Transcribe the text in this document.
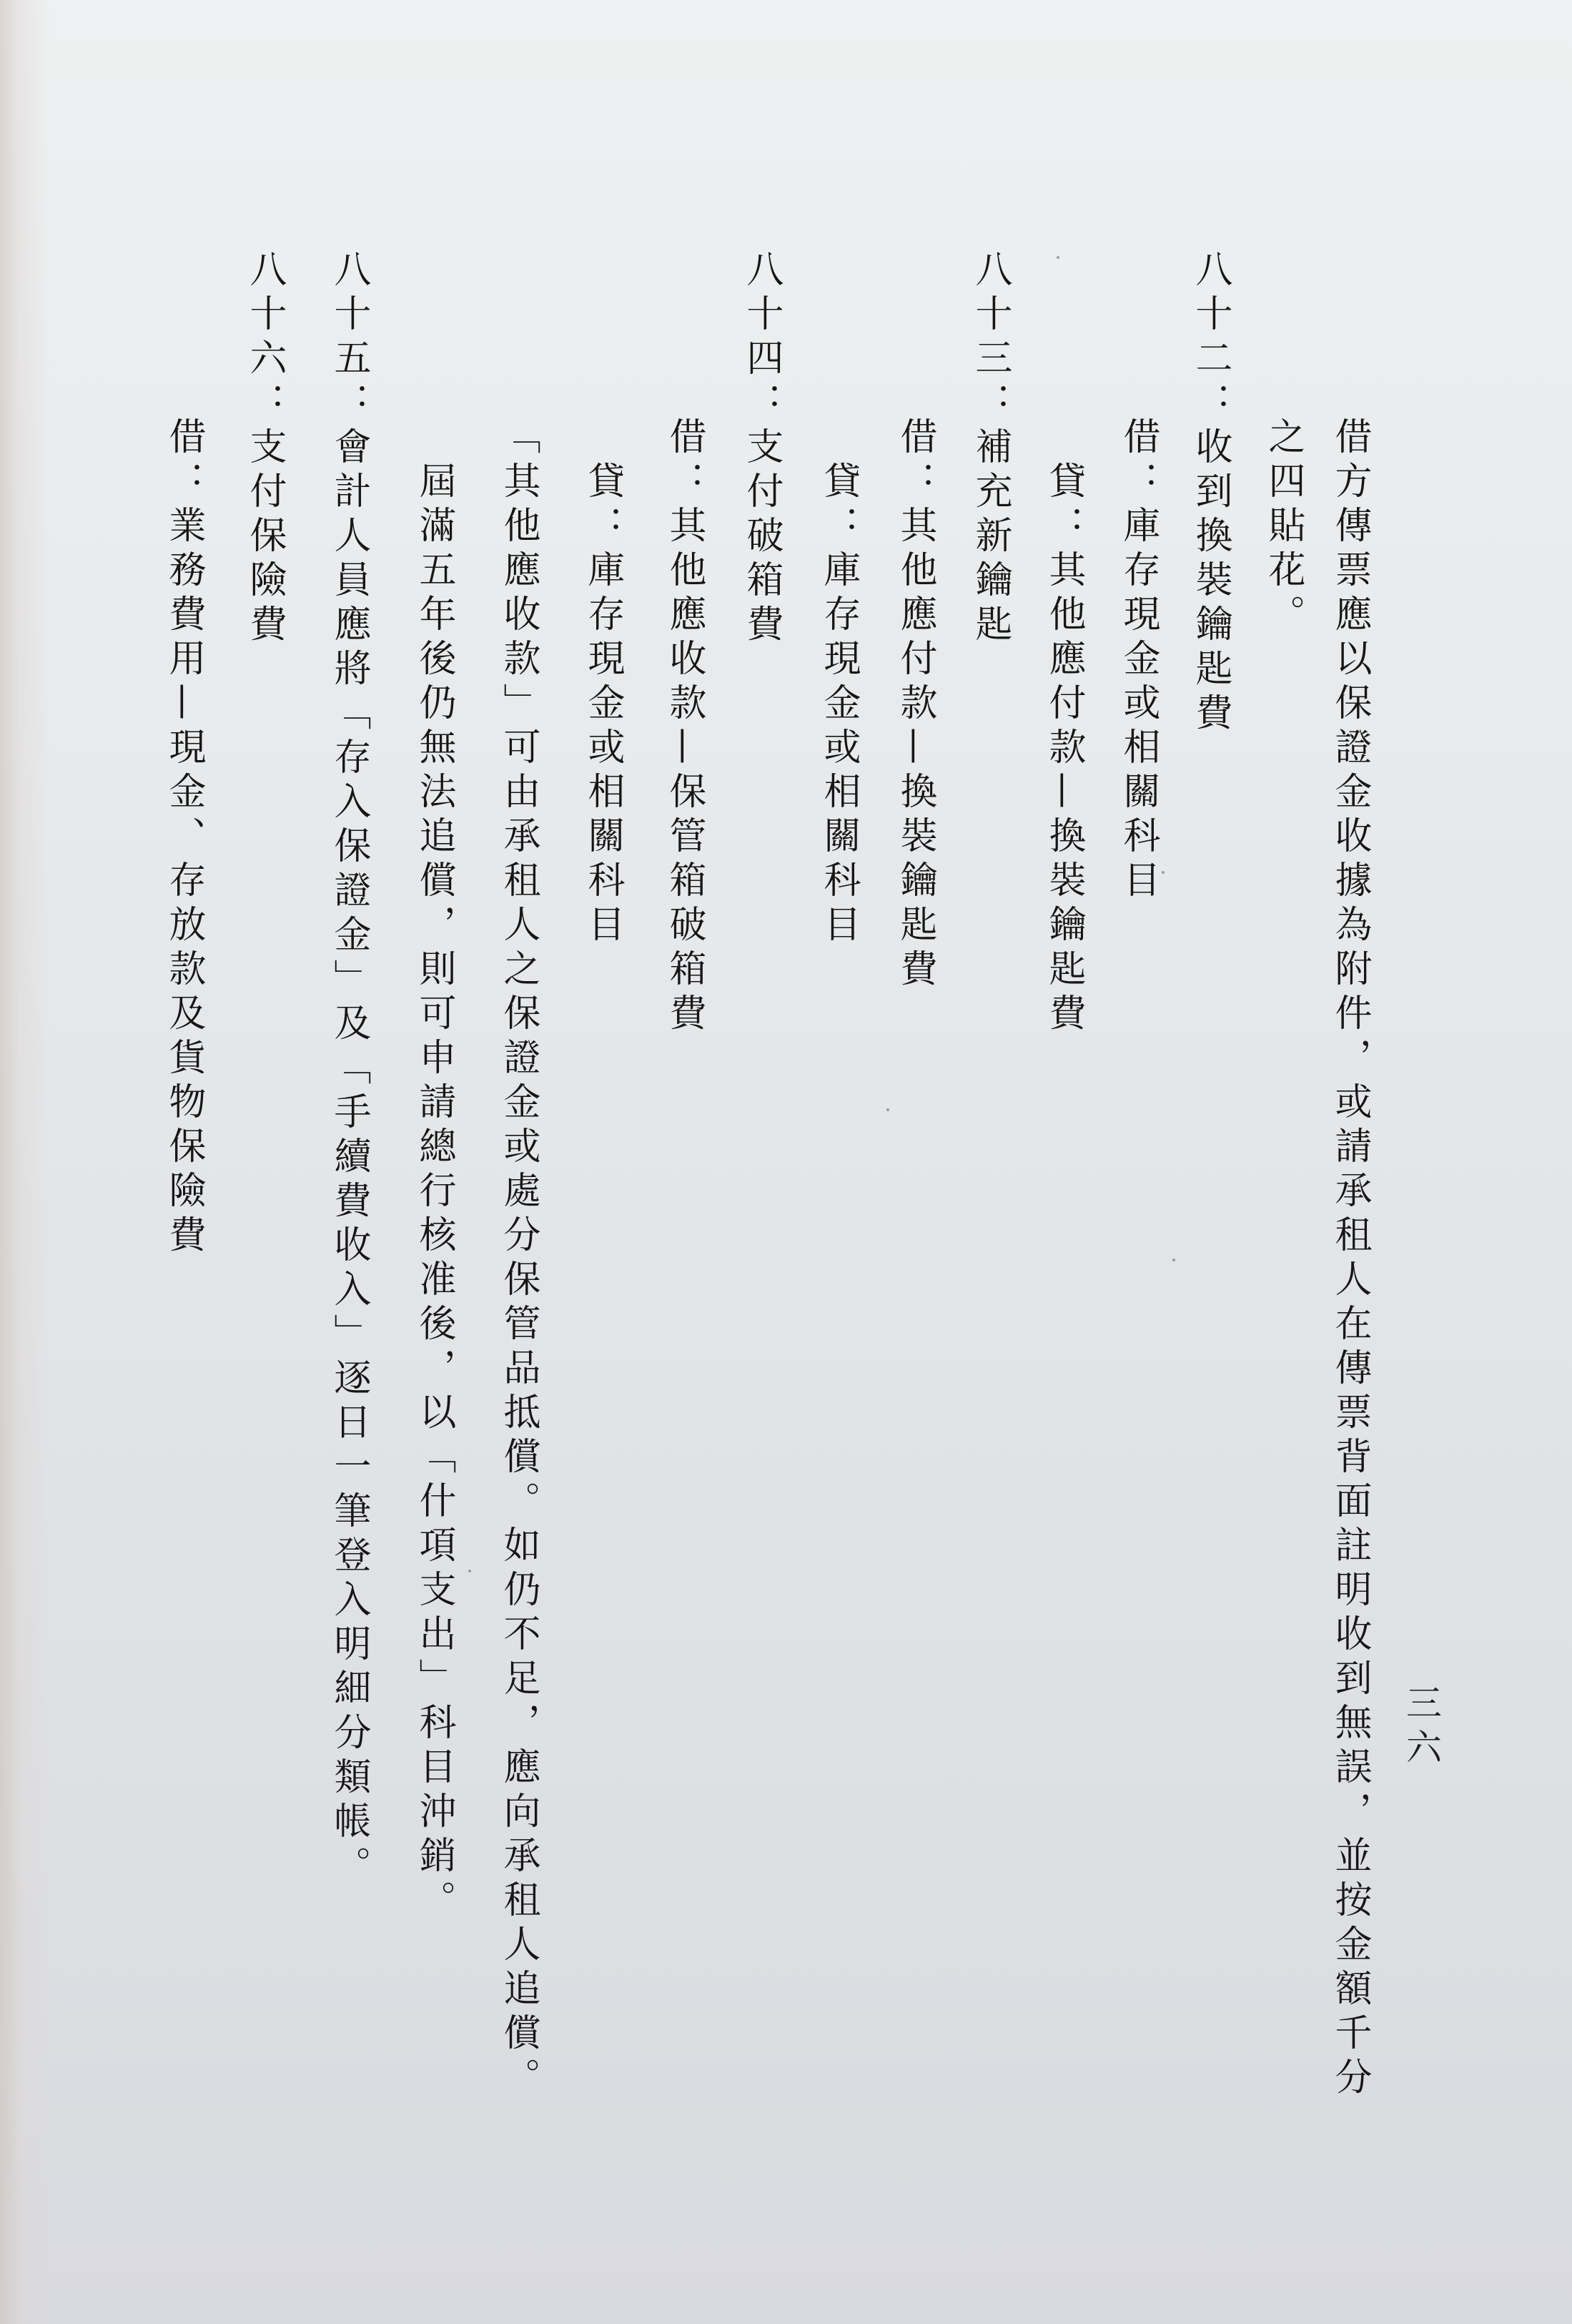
三六
借方傳票應以保證金收據為附件，或請承租人在傳票背面註明收到無誤，並按金額千分
之四貼花。
八十二：收到換裝鑰匙費
借：庫存現金或相關科目
貸：其他應付款—換裝鑰匙費
八十三：補充新鑰匙
借：其他應付款—換裝鑰匙費
貸：庫存現金或相關科目
八十四：支付破箱費
借：其他應收款—保管箱破箱費
貸：庫存現金或相關科目
「其他應收款」可由承租人之保證金或處分保管品抵償。如仍不足，應向承租人追償。
屆滿五年後仍無法追償，則可申請總行核准後，以「什項支出」科目沖銷。
八十五：會計人員應將「存入保證金」及「手續費收入」逐日一筆登入明細分類帳。
八十六：支付保險費
借：業務費用—現金、存放款及貨物保險費
